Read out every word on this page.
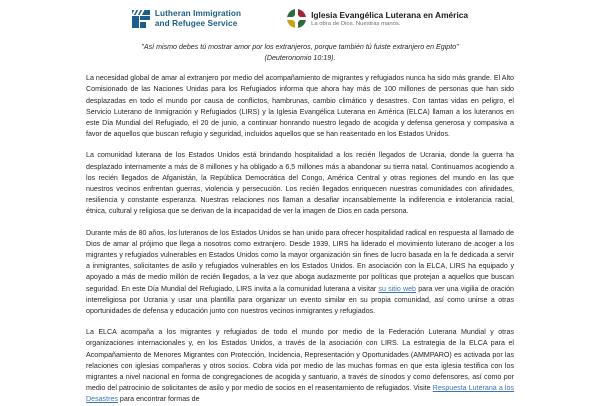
Lutheran Immigration
and Refugee Service
Iglesia Evangélica Luterana en América
La obra de Dios. Nuestras manos.
"Así mismo debes tú mostrar amor por los extranjeros, porque también tú fuiste extranjero en Egipto"
(Deuteronomio 10:19).

La necesidad global de amar al extranjero por medio del acompañamiento de migrantes y refugiados nunca ha sido más grande. El Alto Comisionado de las Naciones Unidas para los Refugiados informa que ahora hay más de 100 millones de personas que han sido desplazadas en todo el mundo por causa de conflictos, hambrunas, cambio climático y desastres. Con tantas vidas en peligro, el Servicio Luterano de Inmigración y Refugiados (LIRS) y la Iglesia Evangélica Luterana en América (ELCA) llaman a los luteranos en este Día Mundial del Refugiado, el 20 de junio, a continuar honrando nuestro legado de acogida y defensa generosa y compasiva a favor de aquellos que buscan refugio y seguridad, incluidos aquellos que se han reasentado en los Estados Unidos.

La comunidad luterana de los Estados Unidos está brindando hospitalidad a los recién llegados de Ucrania, donde la guerra ha desplazado internamente a más de 8 millones y ha obligado a 6,5 millones más a abandonar su tierra natal. Continuamos acogiendo a los recién llegados de Afganistán, la República Democrática del Congo, América Central y otras regiones del mundo en las que nuestros vecinos enfrentan guerras, violencia y persecución. Los recién llegados enriquecen nuestras comunidades con afinidades, resiliencia y constante esperanza. Nuestras relaciones nos llaman a desafiar incansablemente la indiferencia e intolerancia racial, étnica, cultural y religiosa que se derivan de la incapacidad de ver la imagen de Dios en cada persona.

Durante más de 80 años, los luteranos de los Estados Unidos se han unido para ofrecer hospitalidad radical en respuesta al llamado de Dios de amar al prójimo que llega a nosotros como extranjero. Desde 1939, LIRS ha liderado el movimiento luterano de acoger a los migrantes y refugiados vulnerables en Estados Unidos como la mayor organización sin fines de lucro basada en la fe dedicada a servir a inmigrantes, solicitantes de asilo y refugiados vulnerables en los Estados Unidos. En asociación con la ELCA, LIRS ha equipado y apoyado a más de medio millón de recién llegados, a la vez que aboga audazmente por políticas que protejan a aquellos que buscan seguridad. En este Día Mundial del Refugiado, LIRS invita a la comunidad luterana a visitar su sitio web para ver una vigilia de oración interreligiosa por Ucrania y usar una plantilla para organizar un evento similar en su propia comunidad, así como unirse a otras oportunidades de defensa y educación junto con nuestros vecinos inmigrantes y refugiados.

La ELCA acompaña a los migrantes y refugiados de todo el mundo por medio de la Federación Luterana Mundial y otras organizaciones internacionales y, en los Estados Unidos, a través de la asociación con LIRS. La estrategia de la ELCA para el Acompañamiento de Menores Migrantes con Protección, Incidencia, Representación y Oportunidades (AMMPARO) es activada por las relaciones con iglesias compañeras y otros socios. Cobra vida por medio de las muchas formas en que esta iglesia testifica con los migrantes a nivel nacional en forma de congregaciones de acogida y santuario, a través de sínodos y como defensores, así como por medio del patrocinio de solicitantes de asilo y por medio de socios en el reasentamiento de refugiados. Visite Respuesta Luterana a los Desastres para encontrar formas de
